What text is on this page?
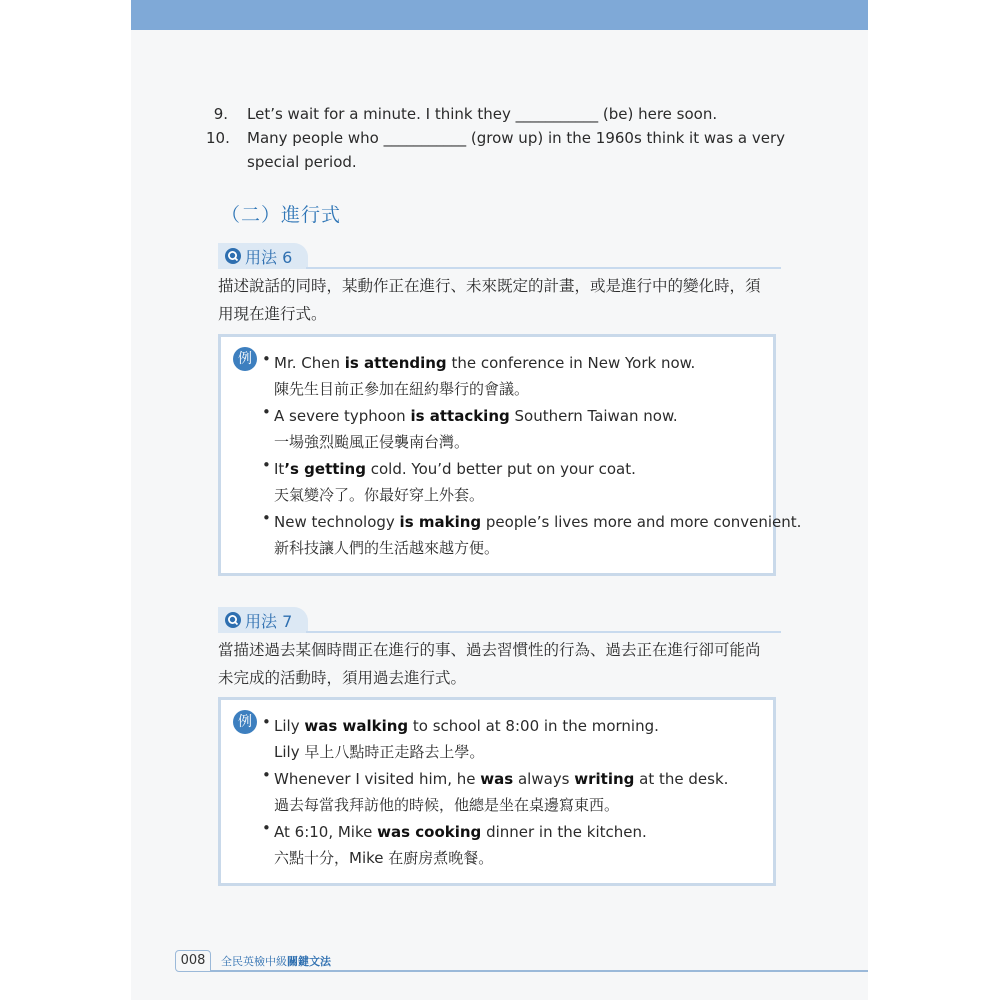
9. Let’s wait for a minute. I think they ___________ (be) here soon.
10. Many people who ___________ (grow up) in the 1960s think it was a very
special period.
（二）進行式
用法 6
描述說話的同時，某動作正在進行、未來既定的計畫，或是進行中的變化時，須
用現在進行式。
例 • Mr. Chen is attending the conference in New York now.
陳先生目前正參加在紐約舉行的會議。
• A severe typhoon is attacking Southern Taiwan now.
一場強烈颱風正侵襲南台灣。
• It’s getting cold. You’d better put on your coat.
天氣變冷了。你最好穿上外套。
• New technology is making people’s lives more and more convenient.
新科技讓人們的生活越來越方便。
用法 7
當描述過去某個時間正在進行的事、過去習慣性的行為、過去正在進行卻可能尚
未完成的活動時，須用過去進行式。
例 • Lily was walking to school at 8:00 in the morning.
Lily 早上八點時正走路去上學。
• Whenever I visited him, he was always writing at the desk.
過去每當我拜訪他的時候，他總是坐在桌邊寫東西。
• At 6:10, Mike was cooking dinner in the kitchen.
六點十分，Mike 在廚房煮晚餐。
008	全民英檢中級關鍵文法
